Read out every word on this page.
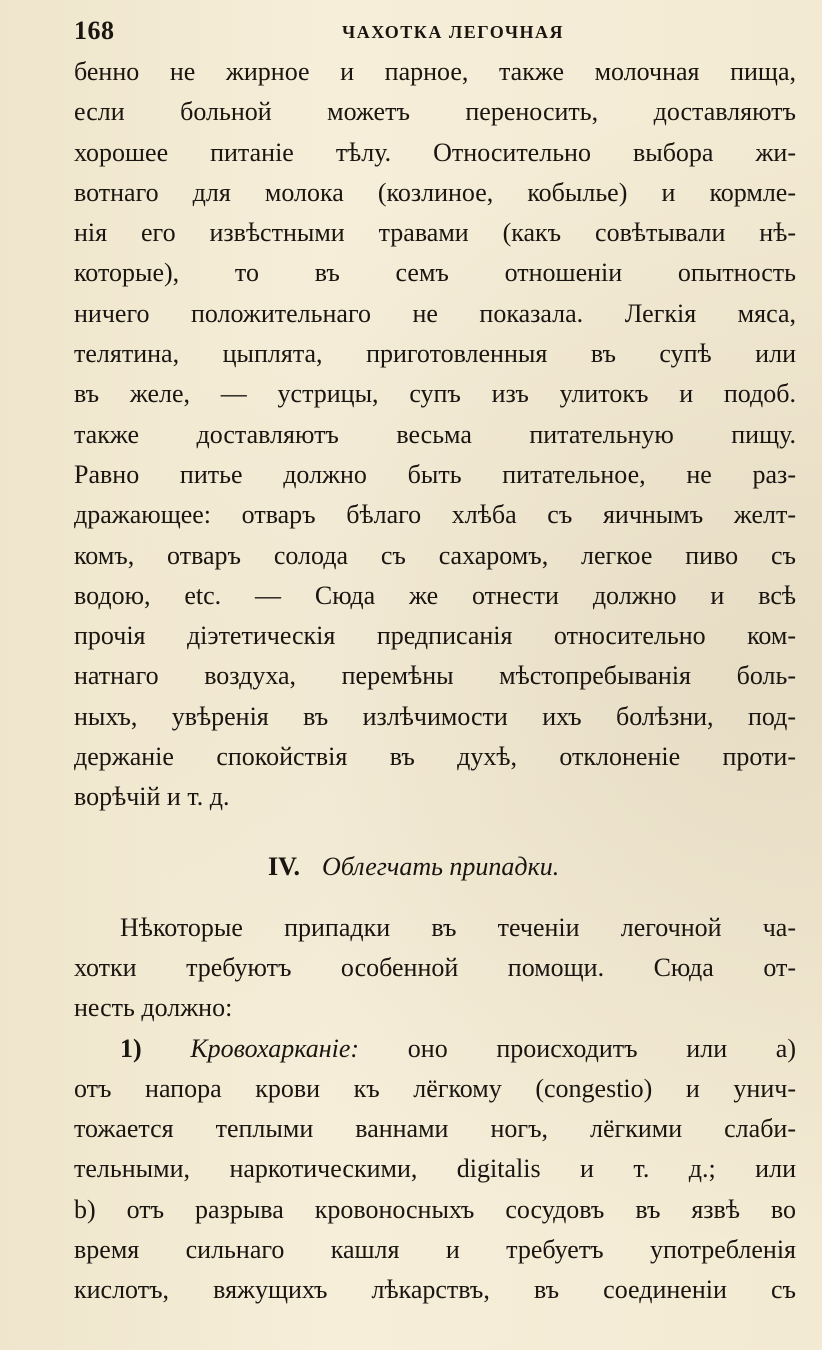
168	ЧАХОТКА ЛЕГОЧНАЯ
бенно не жирное и парное, также молочная пища,
если больной можетъ переносить, доставляютъ
хорошее питаніе тѣлу. Относительно выбора жи-
вотнаго для молока (козлиное, кобылье) и кормле-
нія его извѣстными травами (какъ совѣтывали нѣ-
которые), то въ семъ отношеніи опытность
ничего положительнаго не показала. Легкія мяса,
телятина, цыплята, приготовленныя въ супѣ или
въ желе, — устрицы, супъ изъ улитокъ и подоб.
также доставляютъ весьма питательную пищу.
Равно питье должно быть питательное, не раз-
дражающее: отваръ бѣлаго хлѣба съ яичнымъ желт-
комъ, отваръ солода съ сахаромъ, легкое пиво съ
водою, etc. — Сюда же отнести должно и всѣ
прочія діэтетическія предписанія относительно ком-
натнаго воздуха, перемѣны мѣстопребыванія боль-
ныхъ, увѣренія въ излѣчимости ихъ болѣзни, под-
держаніе спокойствія въ духѣ, отклоненіе проти-
ворѣчій и т. д.
IV. Облегчать припадки.
Нѣкоторые припадки въ теченіи легочной ча-
хотки требуютъ особенной помощи. Сюда от-
несть должно:
1) Кровохарканіе: оно происходитъ или a)
отъ напора крови къ лёгкому (congestio) и унич-
тожается теплыми ваннами ногъ, лёгкими слаби-
тельными, наркотическими, digitalis и т. д.; или
b) отъ разрыва кровоносныхъ сосудовъ въ язвѣ во
время сильнаго кашля и требуетъ употребленія
кислотъ, вяжущихъ лѣкарствъ, въ соединеніи съ
